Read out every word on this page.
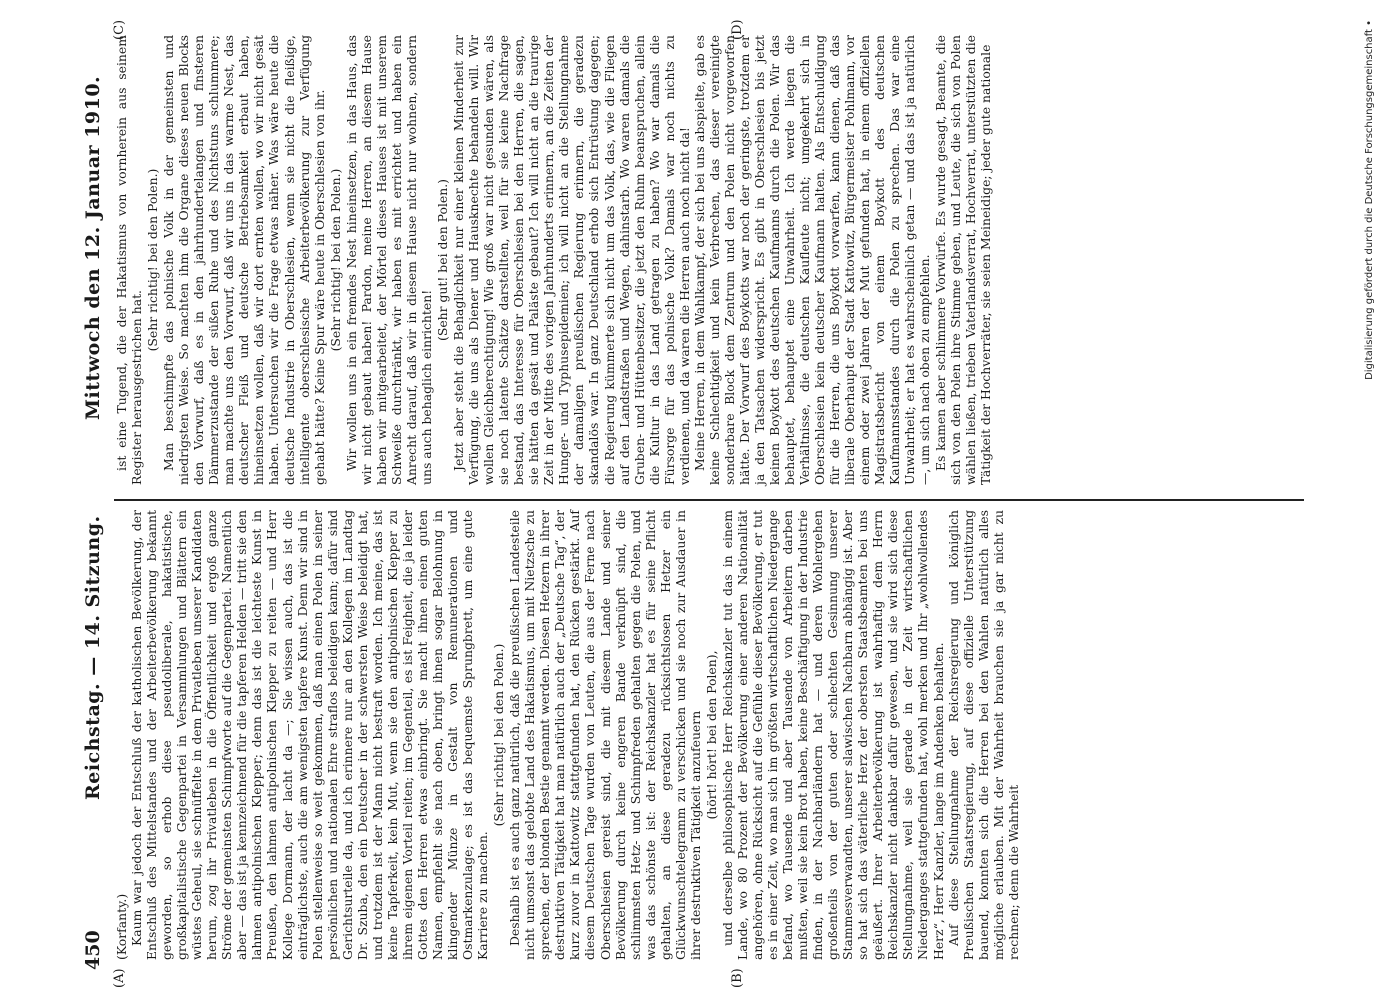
450
Reichstag. — 14. Sitzung.
Mittwoch den 12. Januar 1910.
(A)	(B)
(C)	(D)

(Korfanty.) Kaum war jedoch der Entschluß der katholischen Bevölkerung, der Entschluß des Mittelstandes und der Arbeiterbevölkerung bekannt geworden, so erhob diese pseudoliberale, hakatistische, großkapitalistische Gegenpartei in Versammlungen und Blättern ein wüstes Geheul, sie schnüffelte in dem Privatleben unserer Kandidaten herum, zog ihr Privatleben in die Öffentlichkeit und ergoß ganze Ströme der gemeinsten Schimpfworte auf die Gegenpartei. Namentlich aber — das ist ja kennzeichnend für die tapferen Helden — tritt sie den lahmen antipolnischen Klepper; denn das ist die leichteste Kunst in Preußen, den lahmen antipolnischen Klepper zu reiten — und Herr Kollege Dormann, der lacht da —; Sie wissen auch, das ist die einträglichste, auch die am wenigsten tapfere Kunst. Denn wir sind in Polen stellenweise so weit gekommen, daß man einen Polen in seiner persönlichen und nationalen Ehre straflos beleidigen kann; dafür sind Gerichtsurteile da, und ich erinnere nur an den Kollegen im Landtag Dr. Szuba, den ein Deutscher in der schwersten Weise beleidigt hat, und trotzdem ist der Mann nicht bestraft worden. Ich meine, das ist keine Tapferkeit, kein Mut, wenn sie den antipolnischen Klepper zu ihrem eigenen Vorteil reiten; im Gegenteil, es ist Feigheit, die ja leider Gottes den Herren etwas einbringt. Sie macht ihnen einen guten Namen, empfiehlt sie nach oben, bringt ihnen sogar Belohnung in klingender Münze in Gestalt von Remunerationen und Ostmarkenzulage; es ist das bequemste Sprungbrett, um eine gute Karriere zu machen.

(Sehr richtig! bei den Polen.) Deshalb ist es auch ganz natürlich, daß die preußischen Landesteile nicht umsonst das gelobte Land des Hakatismus, um mit Nietzsche zu sprechen, der blonden Bestie genannt werden. Diesen Hetzern in ihrer destruktiven Tätigkeit hat man natürlich auch der „Deutsche Tag“, der kurz zuvor in Kattowitz stattgefunden hat, den Rücken gestärkt. Auf diesem Deutschen Tage wurden von Leuten, die aus der Ferne nach Oberschlesien gereist sind, die mit diesem Lande und seiner Bevölkerung durch keine engeren Bande verknüpft sind, die schlimmsten Hetz- und Schimpfreden gehalten gegen die Polen, und was das schönste ist: der Reichskanzler hat es für seine Pflicht gehalten, an diese geradezu rücksichtslosen Hetzer ein Glückwunschtelegramm zu verschicken und sie noch zur Ausdauer in ihrer destruktiven Tätigkeit anzufeuern (hört! hört! bei den Polen), und derselbe philosophische Herr Reichskanzler tut das in einem Lande, wo 80 Prozent der Bevölkerung einer anderen Nationalität angehören, ohne Rücksicht auf die Gefühle dieser Bevölkerung, er tut es in einer Zeit, wo man sich im größten wirtschaftlichen Niedergange befand, wo Tausende und aber Tausende von Arbeitern darben mußten, weil sie kein Brot haben, keine Beschäftigung in der Industrie finden, in der Nachbarländern hat — und deren Wohlergehen großenteils von der guten oder schlechten Gesinnung unserer Stammesverwandten, unserer slawischen Nachbarn abhängig ist. Aber so hat sich das väterliche Herz der obersten Staatsbeamten bei uns geäußert. Ihrer Arbeiterbevölkerung ist wahrhaftig dem Herrn Reichskanzler nicht dankbar dafür gewesen, und sie wird sich diese Stellungnahme, weil sie gerade in der Zeit wirtschaftlichen Niederganges stattgefunden hat, wohl merken und Ihr „wohlwollendes Herz“, Herr Kanzler, lange im Andenken behalten. Auf diese Stellungnahme der Reichsregierung und königlich Preußischen Staatsregierung, auf diese offizielle Unterstützung bauend, konnten sich die Herren bei den Wahlen natürlich alles mögliche erlauben. Mit der Wahrheit brauchen sie ja gar nicht zu rechnen; denn die Wahrheit

ist eine Tugend, die der Hakatismus von vornherein aus seinem Register herausgestrichen hat.

(Sehr richtig! bei den Polen.) Man beschimpfte das polnische Volk in der gemeinsten und niedrigsten Weise. So machten ihm die Organe dieses neuen Blocks den Vorwurf, daß es in den jahrhundertelangen und finsteren Dämmerzustande der süßen Ruhe und des Nichtstuns schlummere; man machte uns den Vorwurf, daß wir uns in das warme Nest, das deutscher Fleiß und deutsche Betriebsamkeit erbaut haben, hineinsetzen wollen, daß wir dort ernten wollen, wo wir nicht gesät haben. Untersuchen wir die Frage etwas näher. Was wäre heute die deutsche Industrie in Oberschlesien, wenn sie nicht die fleißige, intelligente oberschlesische Arbeiterbevölkerung zur Verfügung gehabt hätte? Keine Spur wäre heute in Oberschlesien von ihr. (Sehr richtig! bei den Polen.) Wir wollen uns in ein fremdes Nest hineinsetzen, in das Haus, das wir nicht gebaut haben! Pardon, meine Herren, an diesem Hause haben wir mitgearbeitet, der Mörtel dieses Hauses ist mit unserem Schweiße durchtränkt, wir haben es mit errichtet und haben ein Anrecht darauf, daß wir in diesem Hause nicht nur wohnen, sondern uns auch behaglich einrichten!

(Sehr gut! bei den Polen.) Jetzt aber steht die Behaglichkeit nur einer kleinen Minderheit zur Verfügung, die uns als Diener und Hausknechte behandeln will. Wir wollen Gleichberechtigung! Wie groß war nicht gesunden wären, als sie noch latente Schätze darstellten, weil für sie keine Nachfrage bestand, das Interesse für Oberschlesien bei den Herren, die sagen, sie hätten da gesät und Paläste gebaut? Ich will nicht an die traurige Zeit in der Mitte des vorigen Jahrhunderts erinnern, an die Zeiten der Hunger- und Typhusepidemien; ich will nicht an die Stellungnahme der damaligen preußischen Regierung erinnern, die geradezu skandalös war. In ganz Deutschland erhob sich Entrüstung dagegen; die Regierung kümmerte sich nicht um das Volk, das, wie die Fliegen auf den Landstraßen und Wegen, dahinstarb. Wo waren damals die Gruben- und Hüttenbesitzer, die jetzt den Ruhm beanspruchen, allein die Kultur in das Land getragen zu haben? Wo war damals die Fürsorge für das polnische Volk? Damals war noch nichts zu verdienen, und da waren die Herren auch noch nicht da! Meine Herren, in dem Wahlkampf, der sich bei uns abspielte, gab es keine Schlechtigkeit und kein Verbrechen, das dieser vereinigte sonderbare Block dem Zentrum und den Polen nicht vorgeworfen hätte. Der Vorwurf des Boykotts war noch der geringste, trotzdem er ja den Tatsachen widerspricht. Es gibt in Oberschlesien bis jetzt keinen Boykott des deutschen Kaufmanns durch die Polen. Wir das behauptet, behauptet eine Unwahrheit. Ich werde liegen die Verhältnisse, die deutschen Kaufleute nicht; umgekehrt sich in Oberschlesien kein deutscher Kaufmann halten. Als Entschuldigung für die Herren, die uns Boykott vorwarfen, kann dienen, daß das liberale Oberhaupt der Stadt Kattowitz, Bürgermeister Pohlmann, vor einem oder zwei Jahren der Mut gefunden hat, in einem offiziellen Magistratsbericht von einem Boykott des deutschen Kaufmannsstandes durch die Polen zu sprechen. Das war eine Unwahrheit; er hat es wahrscheinlich getan — und das ist ja natürlich —, um sich nach oben zu empfehlen. Es kamen aber schlimmere Vorwürfe. Es wurde gesagt, Beamte, die sich von den Polen ihre Stimme geben, und Leute, die sich von Polen wählen ließen, trieben Vaterlandsverrat, Hochverrat, unterstützten die Tätigkeit der Hochverräter, sie seien Meineidige; jeder gute nationale	Digitalisierung gefördert durch die Deutsche Forschungsgemeinschaft •
